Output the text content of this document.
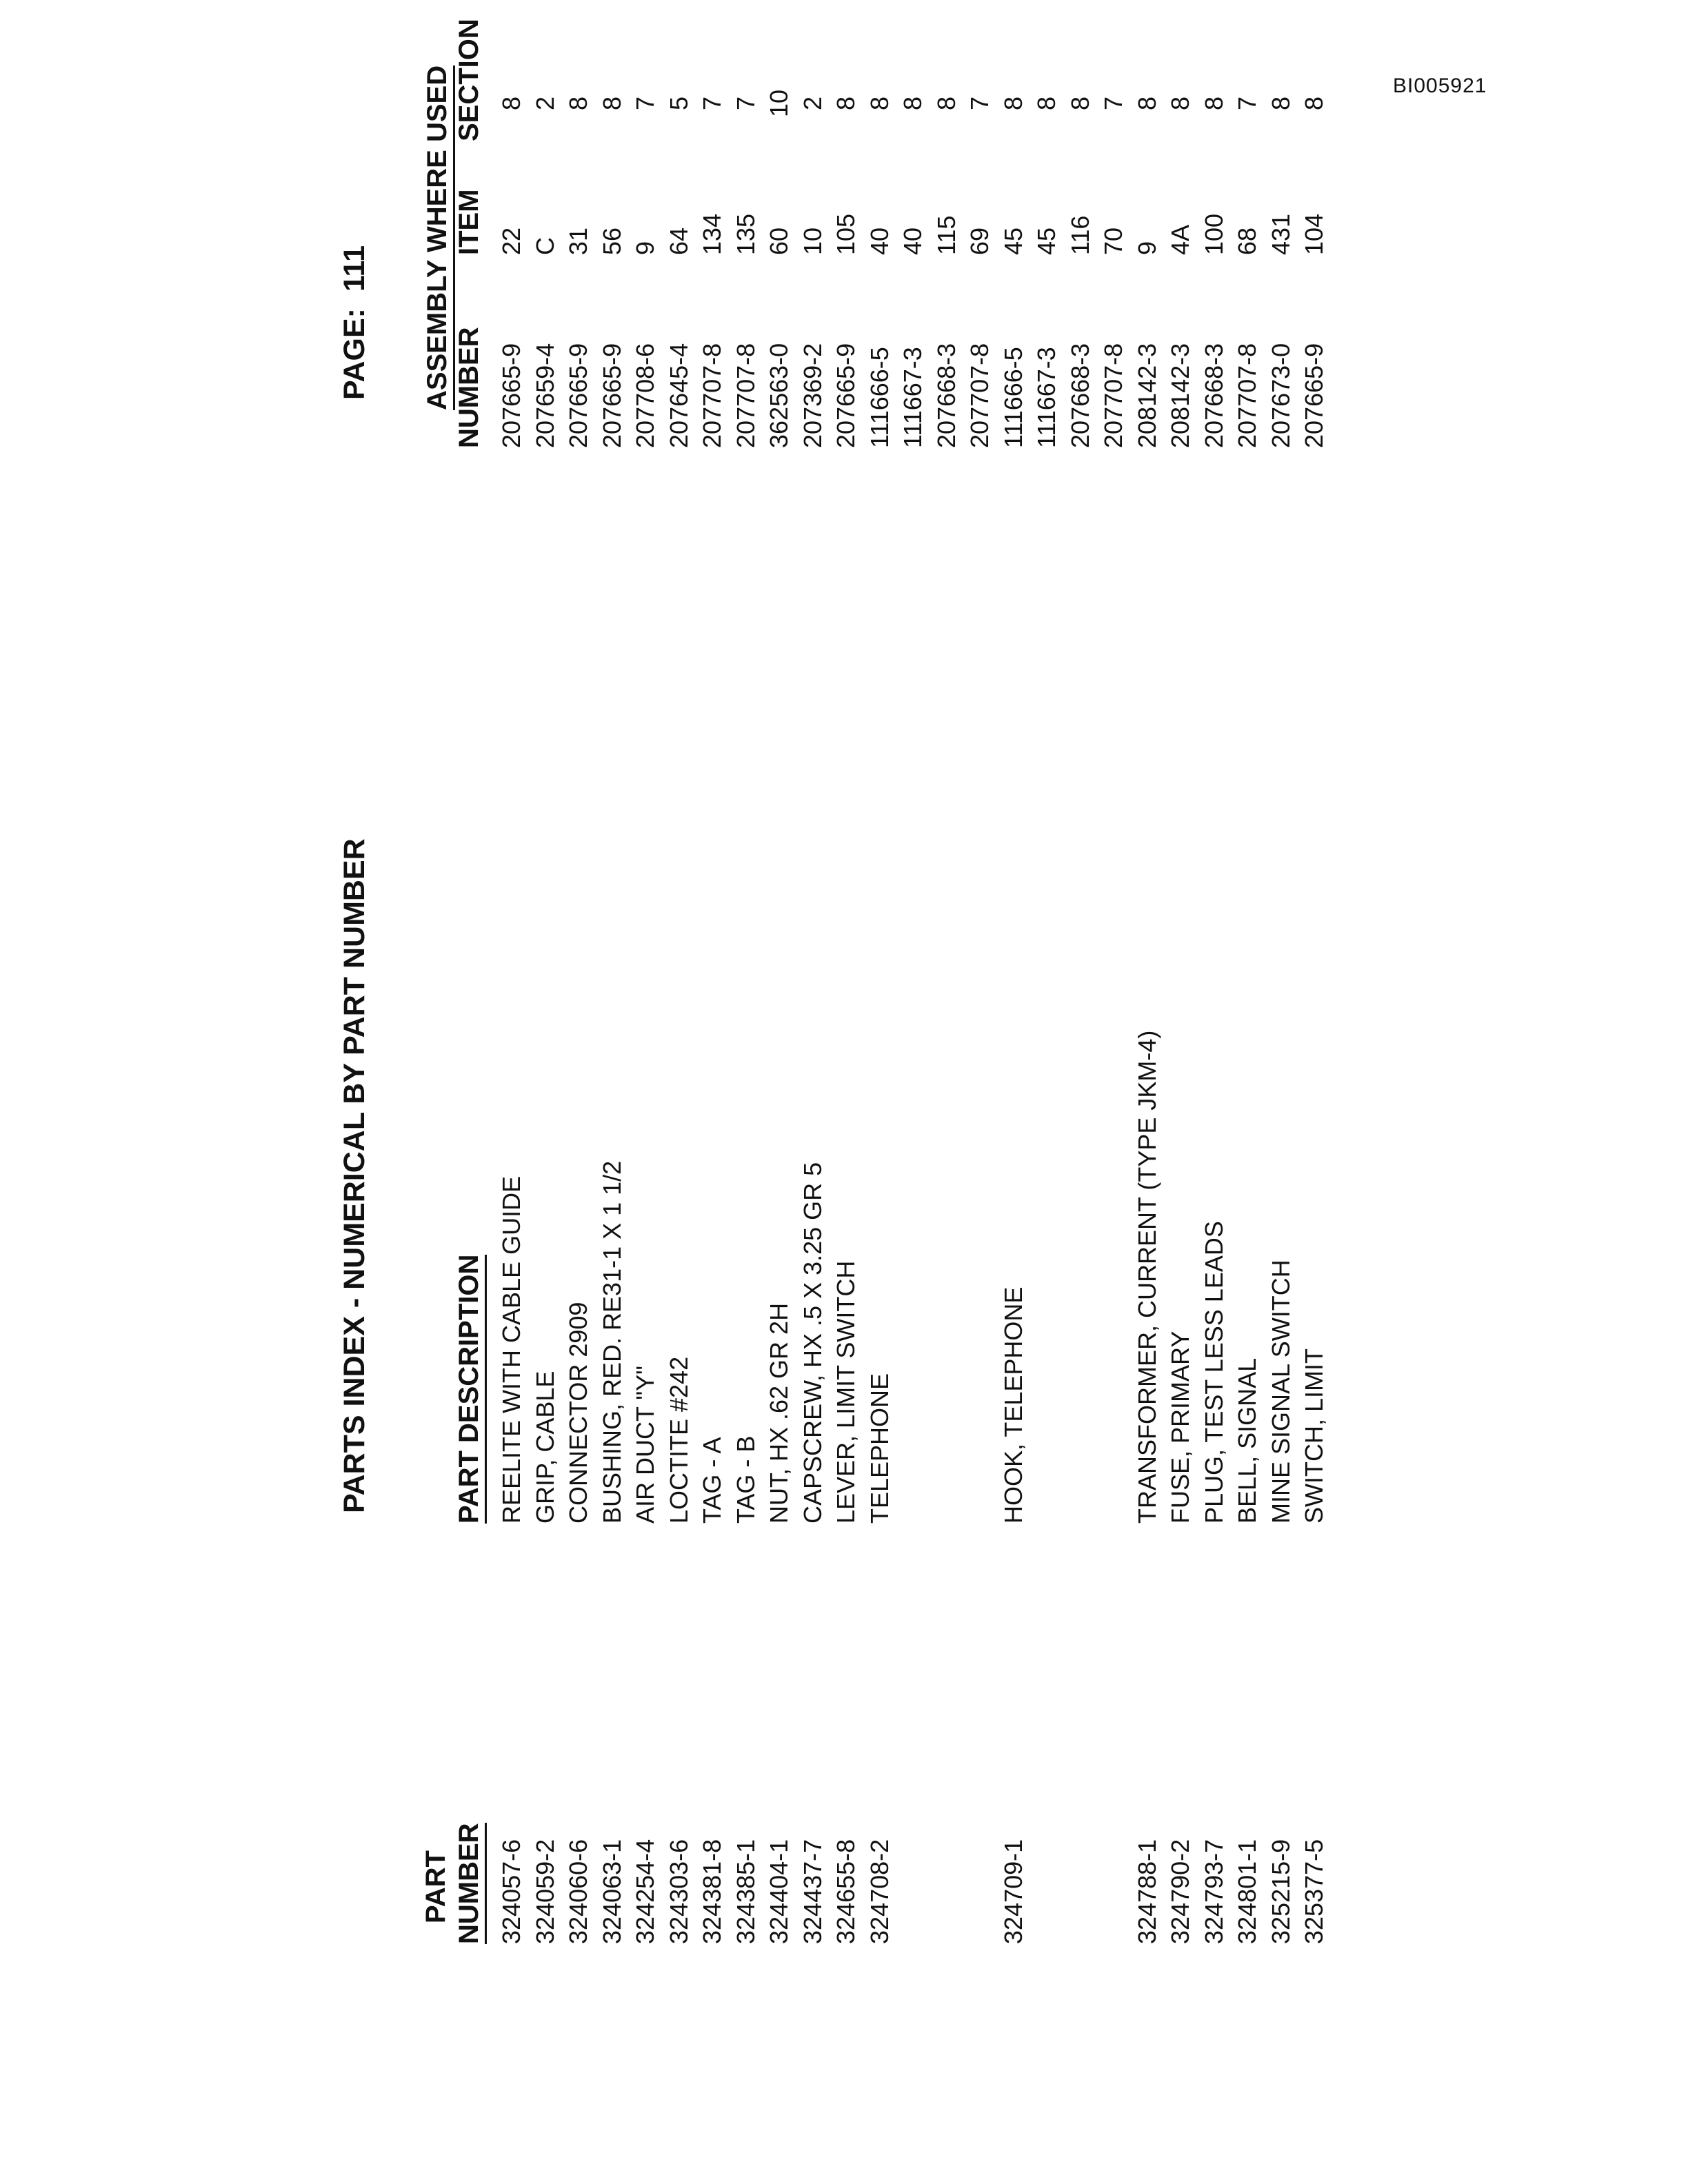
BI005921
PARTS INDEX - NUMERICAL BY PART NUMBER
PAGE:111
PART NUMBER
PART DESCRIPTION
ASSEMBLY WHERE USED NUMBER
ITEM
SECTION
324057-6
REELITE WITH CABLE GUIDE
207665-9
22
8
324059-2
GRIP, CABLE
207659-4
C
2
324060-6
CONNECTOR 2909
207665-9
31
8
324063-1
BUSHING, RED. RE31-1 X 1 1/2
207665-9
56
8
324254-4
AIR DUCT "Y"
207708-6
9
7
324303-6
LOCTITE #242
207645-4
64
5
324381-8
TAG - A
207707-8
134
7
324385-1
TAG - B
207707-8
135
7
324404-1
NUT, HX .62 GR 2H
362563-0
60
10
324437-7
CAPSCREW, HX .5 X 3.25 GR 5
207369-2
10
2
324655-8
LEVER, LIMIT SWITCH
207665-9
105
8
324708-2
TELEPHONE
111666-5
40
8
111667-3
40
8
207668-3
115
8
207707-8
69
7
324709-1
HOOK, TELEPHONE
111666-5
45
8
111667-3
45
8
207668-3
116
8
207707-8
70
7
324788-1
TRANSFORMER, CURRENT (TYPE JKM-4)
208142-3
9
8
324790-2
FUSE, PRIMARY
208142-3
4A
8
324793-7
PLUG, TEST LESS LEADS
207668-3
100
8
324801-1
BELL, SIGNAL
207707-8
68
7
325215-9
MINE SIGNAL SWITCH
207673-0
431
8
325377-5
SWITCH, LIMIT
207665-9
104
8
